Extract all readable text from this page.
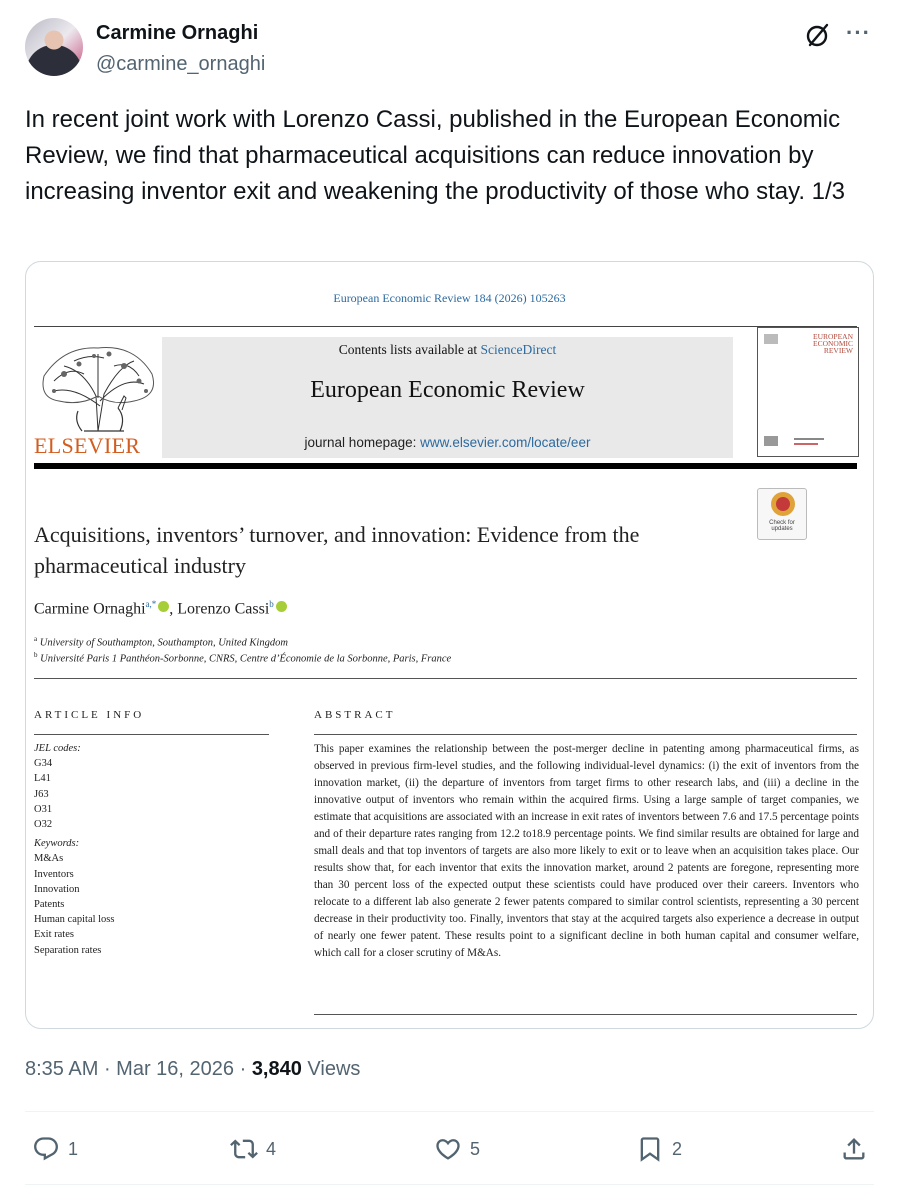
Carmine Ornaghi
@carmine_ornaghi
···
In recent joint work with Lorenzo Cassi, published in the European Economic Review, we find that pharmaceutical acquisitions can reduce innovation by increasing inventor exit and weakening the productivity of those who stay. 1/3
European Economic Review 184 (2026) 105263
ELSEVIER
Contents lists available at ScienceDirect
European Economic Review
journal homepage: www.elsevier.com/locate/eer
EUROPEAN ECONOMIC REVIEW
Check for updates
Acquisitions, inventors’ turnover, and innovation: Evidence from the pharmaceutical industry
Carmine Ornaghi$^{a,*}$ , Lorenzo Cassi$^b$
$^a$ University of Southampton, Southampton, United Kingdom
$^b$ Université Paris 1 Panthéon-Sorbonne, CNRS, Centre d’Économie de la Sorbonne, Paris, France
ARTICLE INFO	ABSTRACT
JEL codes:
G34
L41
J63
O31
O32
Keywords:
M&As
Inventors
Innovation
Patents
Human capital loss
Exit rates
Separation rates
This paper examines the relationship between the post-merger decline in patenting among pharmaceutical firms, as observed in previous firm-level studies, and the following individual-level dynamics: (i) the exit of inventors from the innovation market, (ii) the departure of inventors from target firms to other research labs, and (iii) a decline in the innovative output of inventors who remain within the acquired firms. Using a large sample of target companies, we estimate that acquisitions are associated with an increase in exit rates of inventors between 7.6 and 17.5 percentage points and of their departure rates ranging from 12.2 to18.9 percentage points. We find similar results are obtained for large and small deals and that top inventors of targets are also more likely to exit or to leave when an acquisition takes place. Our results show that, for each inventor that exits the innovation market, around 2 patents are foregone, representing more than 30 percent loss of the expected output these scientists could have produced over their careers. Inventors who relocate to a different lab also generate 2 fewer patents compared to similar control scientists, representing a 30 percent decrease in their productivity too. Finally, inventors that stay at the acquired targets also experience a decrease in output of nearly one fewer patent. These results point to a significant decline in both human capital and consumer welfare, which call for a closer scrutiny of M&As.
8:35 AM · Mar 16, 2026 · 3,840 Views
1	4	5	2
